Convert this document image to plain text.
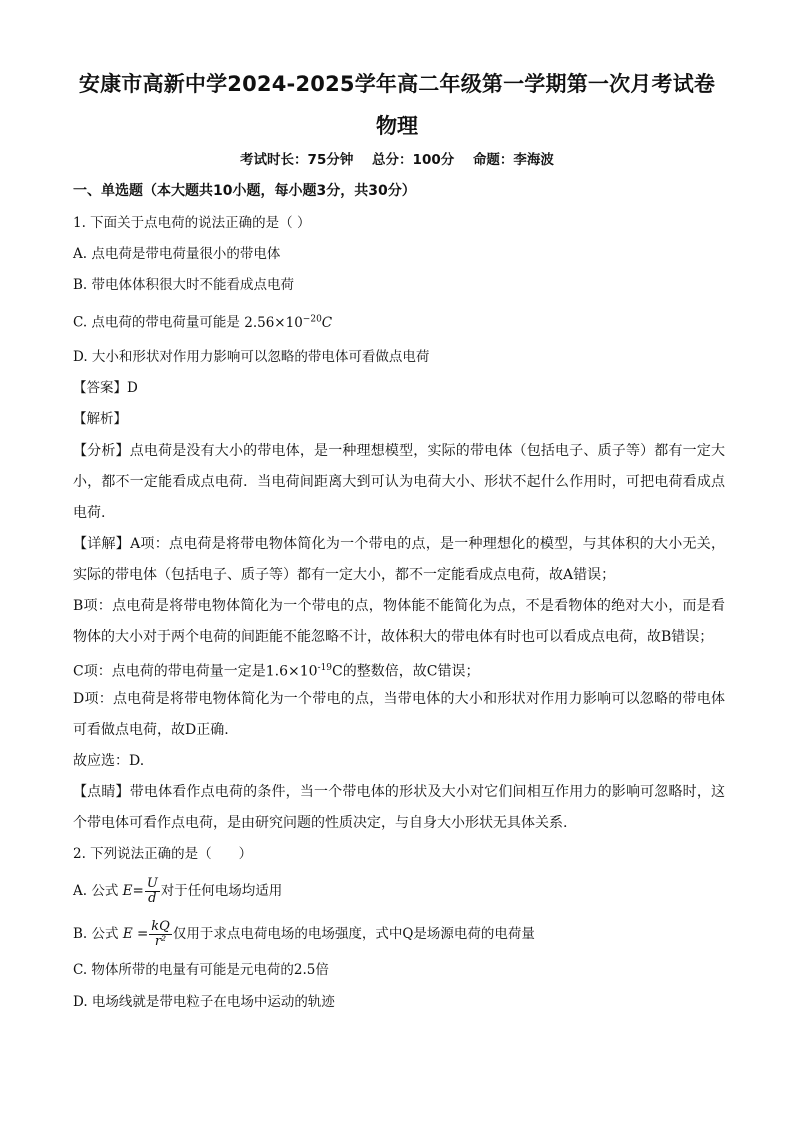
安康市高新中学2024-2025学年高二年级第一学期第一次月考试卷
物理
考试时长：75分钟 总分：100分 命题：李海波
一、单选题（本大题共10小题，每小题3分，共30分）
1. 下面关于点电荷的说法正确的是（ ）
A. 点电荷是带电荷量很小的带电体
B. 带电体体积很大时不能看成点电荷
C. 点电荷的带电荷量可能是 $2.56\times 10^{-20}C$
D. 大小和形状对作用力影响可以忽略的带电体可看做点电荷
【答案】D
【解析】
【分析】点电荷是没有大小的带电体，是一种理想模型，实际的带电体（包括电子、质子等）都有一定大小，都不一定能看成点电荷．当电荷间距离大到可认为电荷大小、形状不起什么作用时，可把电荷看成点电荷.
【详解】A项：点电荷是将带电物体简化为一个带电的点，是一种理想化的模型，与其体积的大小无关，实际的带电体（包括电子、质子等）都有一定大小，都不一定能看成点电荷，故A错误；
B项：点电荷是将带电物体简化为一个带电的点，物体能不能简化为点，不是看物体的绝对大小，而是看物体的大小对于两个电荷的间距能不能忽略不计，故体积大的带电体有时也可以看成点电荷，故B错误；
C项：点电荷的带电荷量一定是$1.6\times 10^{-19}C$的整数倍，故C错误；
D项：点电荷是将带电物体简化为一个带电的点，当带电体的大小和形状对作用力影响可以忽略的带电体可看做点电荷，故D正确.
故应选：D.
【点睛】带电体看作点电荷的条件，当一个带电体的形状及大小对它们间相互作用力的影响可忽略时，这个带电体可看作点电荷，是由研究问题的性质决定，与自身大小形状无具体关系.
2. 下列说法正确的是（　　）
A. 公式 $E= \frac{U}{d}$ 对于任何电场均适用
B. 公式 $E = \frac{kQ}{\text{r²}}$ 仅用于求点电荷电场的电场强度，式中Q是场源电荷的电荷量
C. 物体所带的电量有可能是元电荷的2.5倍
D. 电场线就是带电粒子在电场中运动的轨迹
